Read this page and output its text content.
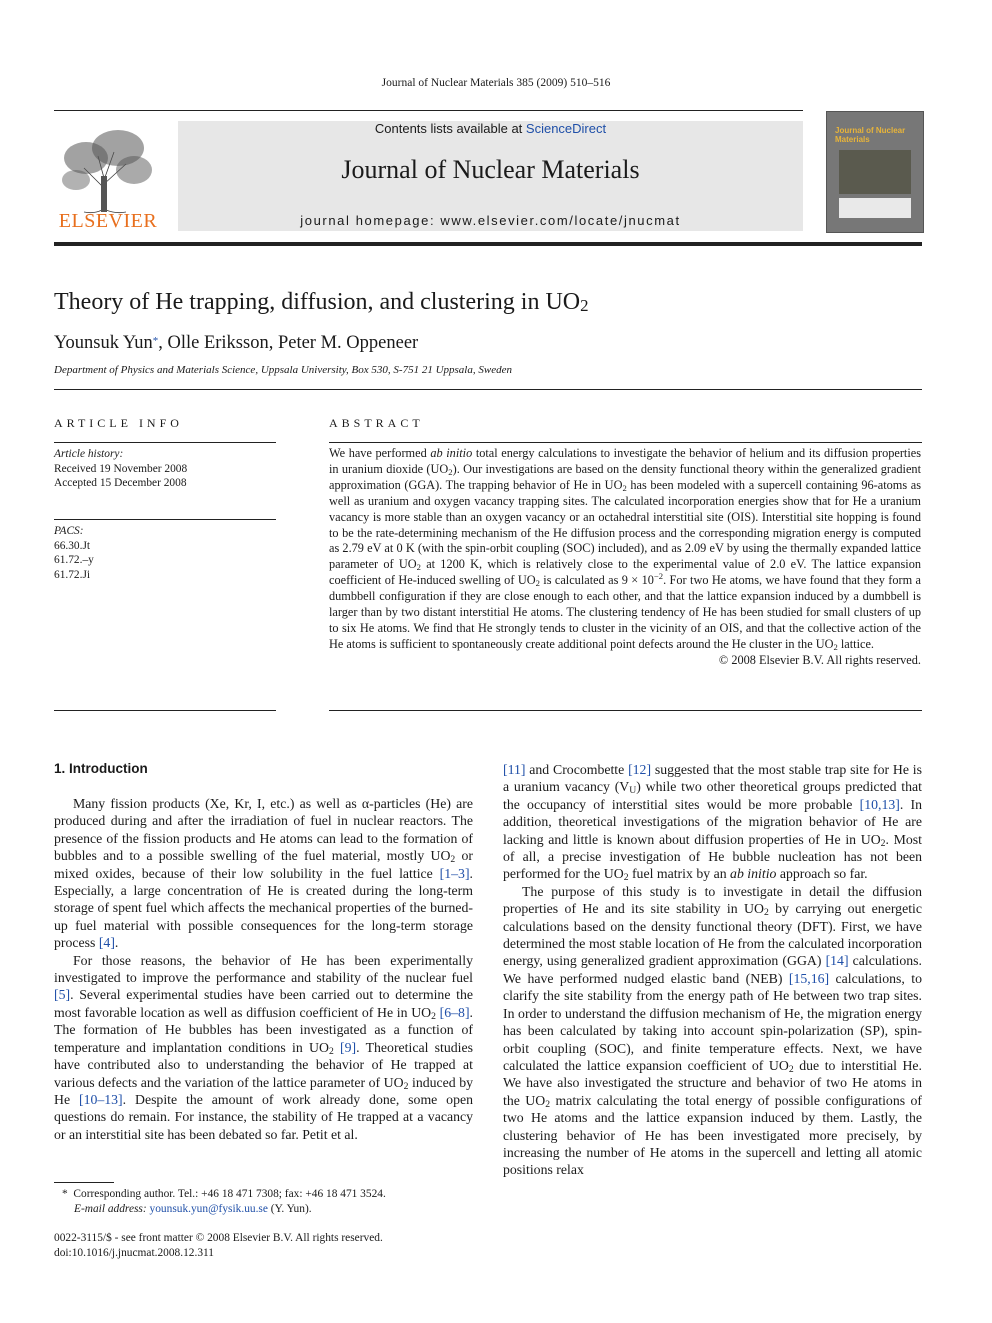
Journal of Nuclear Materials 385 (2009) 510–516
ELSEVIER
Contents lists available at ScienceDirect
Journal of Nuclear Materials
journal homepage: www.elsevier.com/locate/jnucmat
Journal of Nuclear Materials
Theory of He trapping, diffusion, and clustering in $UO_2$
Younsuk Yun*, Olle Eriksson, Peter M. Oppeneer
Department of Physics and Materials Science, Uppsala University, Box 530, S-751 21 Uppsala, Sweden
ARTICLE INFO
Article history:
Received 19 November 2008
Accepted 15 December 2008
PACS:
66.30.Jt
61.72.–y
61.72.Ji
ABSTRACT
We have performed ab initio total energy calculations to investigate the behavior of helium and its diffusion properties in uranium dioxide $(UO_2)$. Our investigations are based on the density functional theory within the generalized gradient approximation (GGA). The trapping behavior of He in $UO_2$ has been modeled with a supercell containing 96-atoms as well as uranium and oxygen vacancy trapping sites. The calculated incorporation energies show that for He a uranium vacancy is more stable than an oxygen vacancy or an octahedral interstitial site (OIS). Interstitial site hopping is found to be the rate-determining mechanism of the He diffusion process and the corresponding migration energy is computed as 2.79 eV at 0 K (with the spin-orbit coupling (SOC) included), and as 2.09 eV by using the thermally expanded lattice parameter of $UO_2$ at 1200 K, which is relatively close to the experimental value of 2.0 eV. The lattice expansion coefficient of He-induced swelling of $UO_2$ is calculated as $9 \times 10^{-2}$. For two He atoms, we have found that they form a dumbbell configuration if they are close enough to each other, and that the lattice expansion induced by a dumbbell is larger than by two distant interstitial He atoms. The clustering tendency of He has been studied for small clusters of up to six He atoms. We find that He strongly tends to cluster in the vicinity of an OIS, and that the collective action of the He atoms is sufficient to spontaneously create additional point defects around the He cluster in the $UO_2$ lattice.
© 2008 Elsevier B.V. All rights reserved.
1. Introduction

Many fission products (Xe, Kr, I, etc.) as well as α-particles (He) are produced during and after the irradiation of fuel in nuclear reactors. The presence of the fission products and He atoms can lead to the formation of bubbles and to a possible swelling of the fuel material, mostly $UO_2$ or mixed oxides, because of their low solubility in the fuel lattice [1–3]. Especially, a large concentration of He is created during the long-term storage of spent fuel which affects the mechanical properties of the burned-up fuel material with possible consequences for the long-term storage process [4].

For those reasons, the behavior of He has been experimentally investigated to improve the performance and stability of the nuclear fuel [5]. Several experimental studies have been carried out to determine the most favorable location as well as diffusion coefficient of He in $UO_2$ [6–8]. The formation of He bubbles has been investigated as a function of temperature and implantation conditions in $UO_2$ [9]. Theoretical studies have contributed also to understanding the behavior of He trapped at various defects and the variation of the lattice parameter of $UO_2$ induced by He [10–13]. Despite the amount of work already done, some open questions do remain. For instance, the stability of He trapped at a vacancy or an interstitial site has been debated so far. Petit et al.

* Corresponding author. Tel.: +46 18 471 7308; fax: +46 18 471 3524.
E-mail address: younsuk.yun@fysik.uu.se (Y. Yun).
0022-3115/$ - see front matter © 2008 Elsevier B.V. All rights reserved.
doi:10.1016/j.jnucmat.2008.12.311

[11] and Crocombette [12] suggested that the most stable trap site for He is a uranium vacancy $(V_U)$ while two other theoretical groups predicted that the occupancy of interstitial sites would be more probable [10,13]. In addition, theoretical investigations of the migration behavior of He are lacking and little is known about diffusion properties of He in $UO_2$. Most of all, a precise investigation of He bubble nucleation has not been performed for the $UO_2$ fuel matrix by an ab initio approach so far.

The purpose of this study is to investigate in detail the diffusion properties of He and its site stability in $UO_2$ by carrying out energetic calculations based on the density functional theory (DFT). First, we have determined the most stable location of He from the calculated incorporation energy, using generalized gradient approximation (GGA) [14] calculations. We have performed nudged elastic band (NEB) [15,16] calculations, to clarify the site stability from the energy path of He between two trap sites. In order to understand the diffusion mechanism of He, the migration energy has been calculated by taking into account spin-polarization (SP), spin-orbit coupling (SOC), and finite temperature effects. Next, we have calculated the lattice expansion coefficient of $UO_2$ due to interstitial He. We have also investigated the structure and behavior of two He atoms in the $UO_2$ matrix calculating the total energy of possible configurations of two He atoms and the lattice expansion induced by them. Lastly, the clustering behavior of He has been investigated more precisely, by increasing the number of He atoms in the supercell and letting all atomic positions relax
